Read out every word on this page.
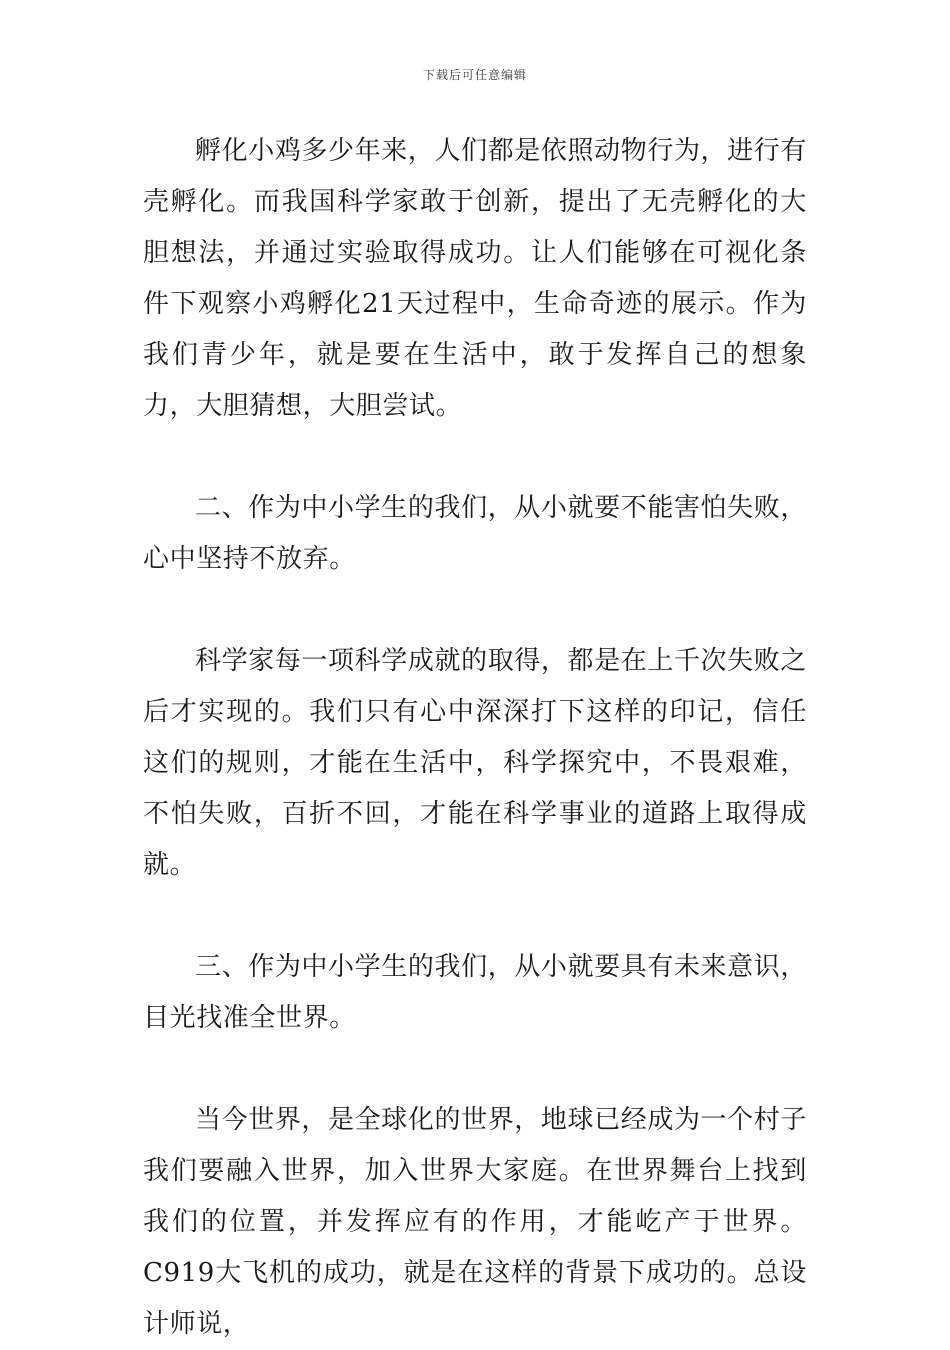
下载后可任意编辑

孵化小鸡多少年来，人们都是依照动物行为，进行有壳孵化。而我国科学家敢于创新，提出了无壳孵化的大胆想法，并通过实验取得成功。让人们能够在可视化条件下观察小鸡孵化21天过程中，生命奇迹的展示。作为我们青少年，就是要在生活中，敢于发挥自己的想象力，大胆猜想，大胆尝试。

二、作为中小学生的我们，从小就要不能害怕失败，心中坚持不放弃。

科学家每一项科学成就的取得，都是在上千次失败之后才实现的。我们只有心中深深打下这样的印记，信任这们的规则，才能在生活中，科学探究中，不畏艰难，不怕失败，百折不回，才能在科学事业的道路上取得成就。

三、作为中小学生的我们，从小就要具有未来意识，目光找准全世界。

当今世界，是全球化的世界，地球已经成为一个村子我们要融入世界，加入世界大家庭。在世界舞台上找到我们的位置，并发挥应有的作用，才能屹产于世界。C919大飞机的成功，就是在这样的背景下成功的。总设计师说，
